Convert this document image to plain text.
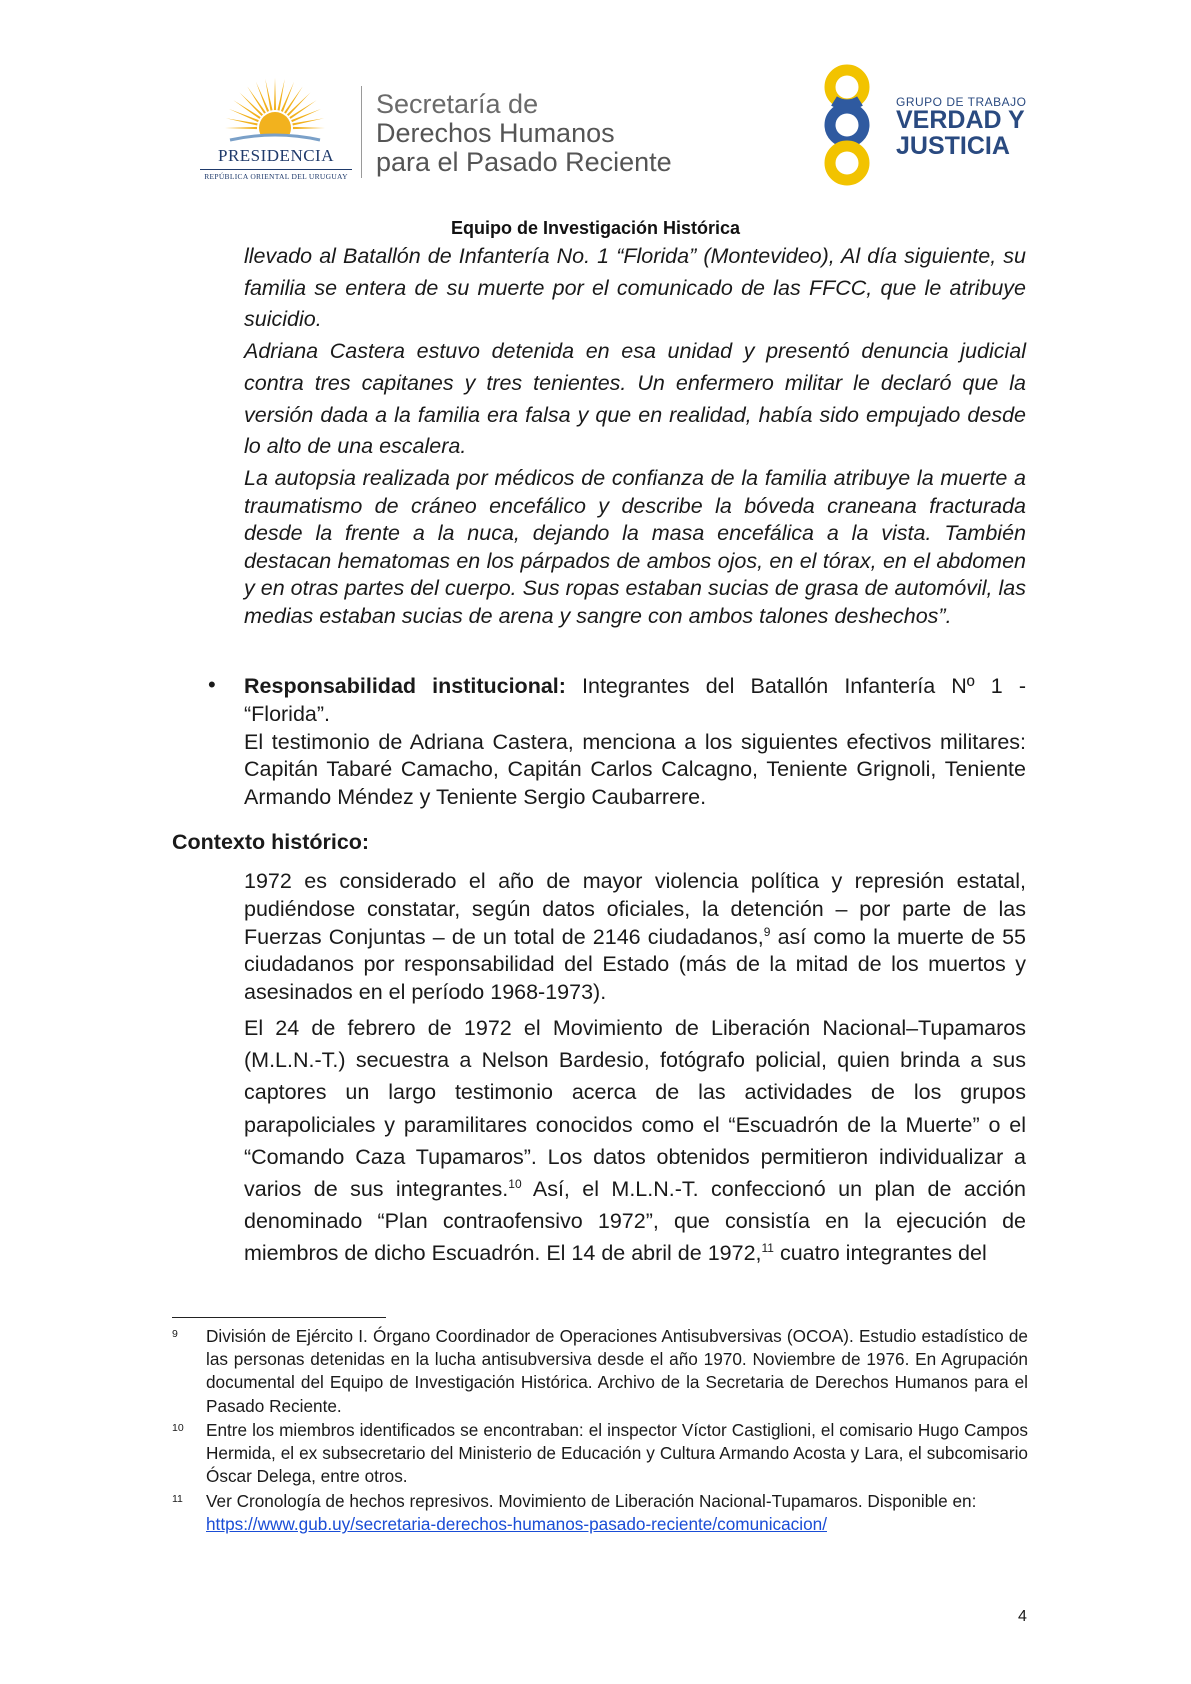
PRESIDENCIA
REPÚBLICA ORIENTAL DEL URUGUAY
Secretaría de
Derechos Humanos
para el Pasado Reciente
GRUPO DE TRABAJO
VERDAD Y
JUSTICIA
Equipo de Investigación Histórica

llevado al Batallón de Infantería No. 1 “Florida” (Montevideo), Al día siguiente, su familia se entera de su muerte por el comunicado de las FFCC, que le atribuye suicidio.

Adriana Castera estuvo detenida en esa unidad y presentó denuncia judicial contra tres capitanes y tres tenientes. Un enfermero militar le declaró que la versión dada a la familia era falsa y que en realidad, había sido empujado desde lo alto de una escalera.

La autopsia realizada por médicos de confianza de la familia atribuye la muerte a traumatismo de cráneo encefálico y describe la bóveda craneana fracturada desde la frente a la nuca, dejando la masa encefálica a la vista. También destacan hematomas en los párpados de ambos ojos, en el tórax, en el abdomen y en otras partes del cuerpo. Sus ropas estaban sucias de grasa de automóvil, las medias estaban sucias de arena y sangre con ambos talones deshechos”.

• Responsabilidad institucional: Integrantes del Batallón Infantería Nº 1 - “Florida”.

El testimonio de Adriana Castera, menciona a los siguientes efectivos militares: Capitán Tabaré Camacho, Capitán Carlos Calcagno, Teniente Grignoli, Teniente Armando Méndez y Teniente Sergio Caubarrere.

Contexto histórico:

1972 es considerado el año de mayor violencia política y represión estatal, pudiéndose constatar, según datos oficiales, la detención – por parte de las Fuerzas Conjuntas – de un total de 2146 ciudadanos,$^9$ así como la muerte de 55 ciudadanos por responsabilidad del Estado (más de la mitad de los muertos y asesinados en el período 1968-1973).

El 24 de febrero de 1972 el Movimiento de Liberación Nacional–Tupamaros (M.L.N.-T.) secuestra a Nelson Bardesio, fotógrafo policial, quien brinda a sus captores un largo testimonio acerca de las actividades de los grupos parapoliciales y paramilitares conocidos como el “Escuadrón de la Muerte” o el “Comando Caza Tupamaros”. Los datos obtenidos permitieron individualizar a varios de sus integrantes.$^{10}$ Así, el M.L.N.-T. confeccionó un plan de acción denominado “Plan contraofensivo 1972”, que consistía en la ejecución de miembros de dicho Escuadrón. El 14 de abril de 1972,11 cuatro integrantes del

9 División de Ejército I. Órgano Coordinador de Operaciones Antisubversivas (OCOA). Estudio estadístico de las personas detenidas en la lucha antisubversiva desde el año 1970. Noviembre de 1976. En Agrupación documental del Equipo de Investigación Histórica. Archivo de la Secretaria de Derechos Humanos para el Pasado Reciente.
10 Entre los miembros identificados se encontraban: el inspector Víctor Castiglioni, el comisario Hugo Campos Hermida, el ex subsecretario del Ministerio de Educación y Cultura Armando Acosta y Lara, el subcomisario Óscar Delega, entre otros.
11 Ver Cronología de hechos represivos. Movimiento de Liberación Nacional-Tupamaros. Disponible en:
https://www.gub.uy/secretaria-derechos-humanos-pasado-reciente/comunicacion/
4
